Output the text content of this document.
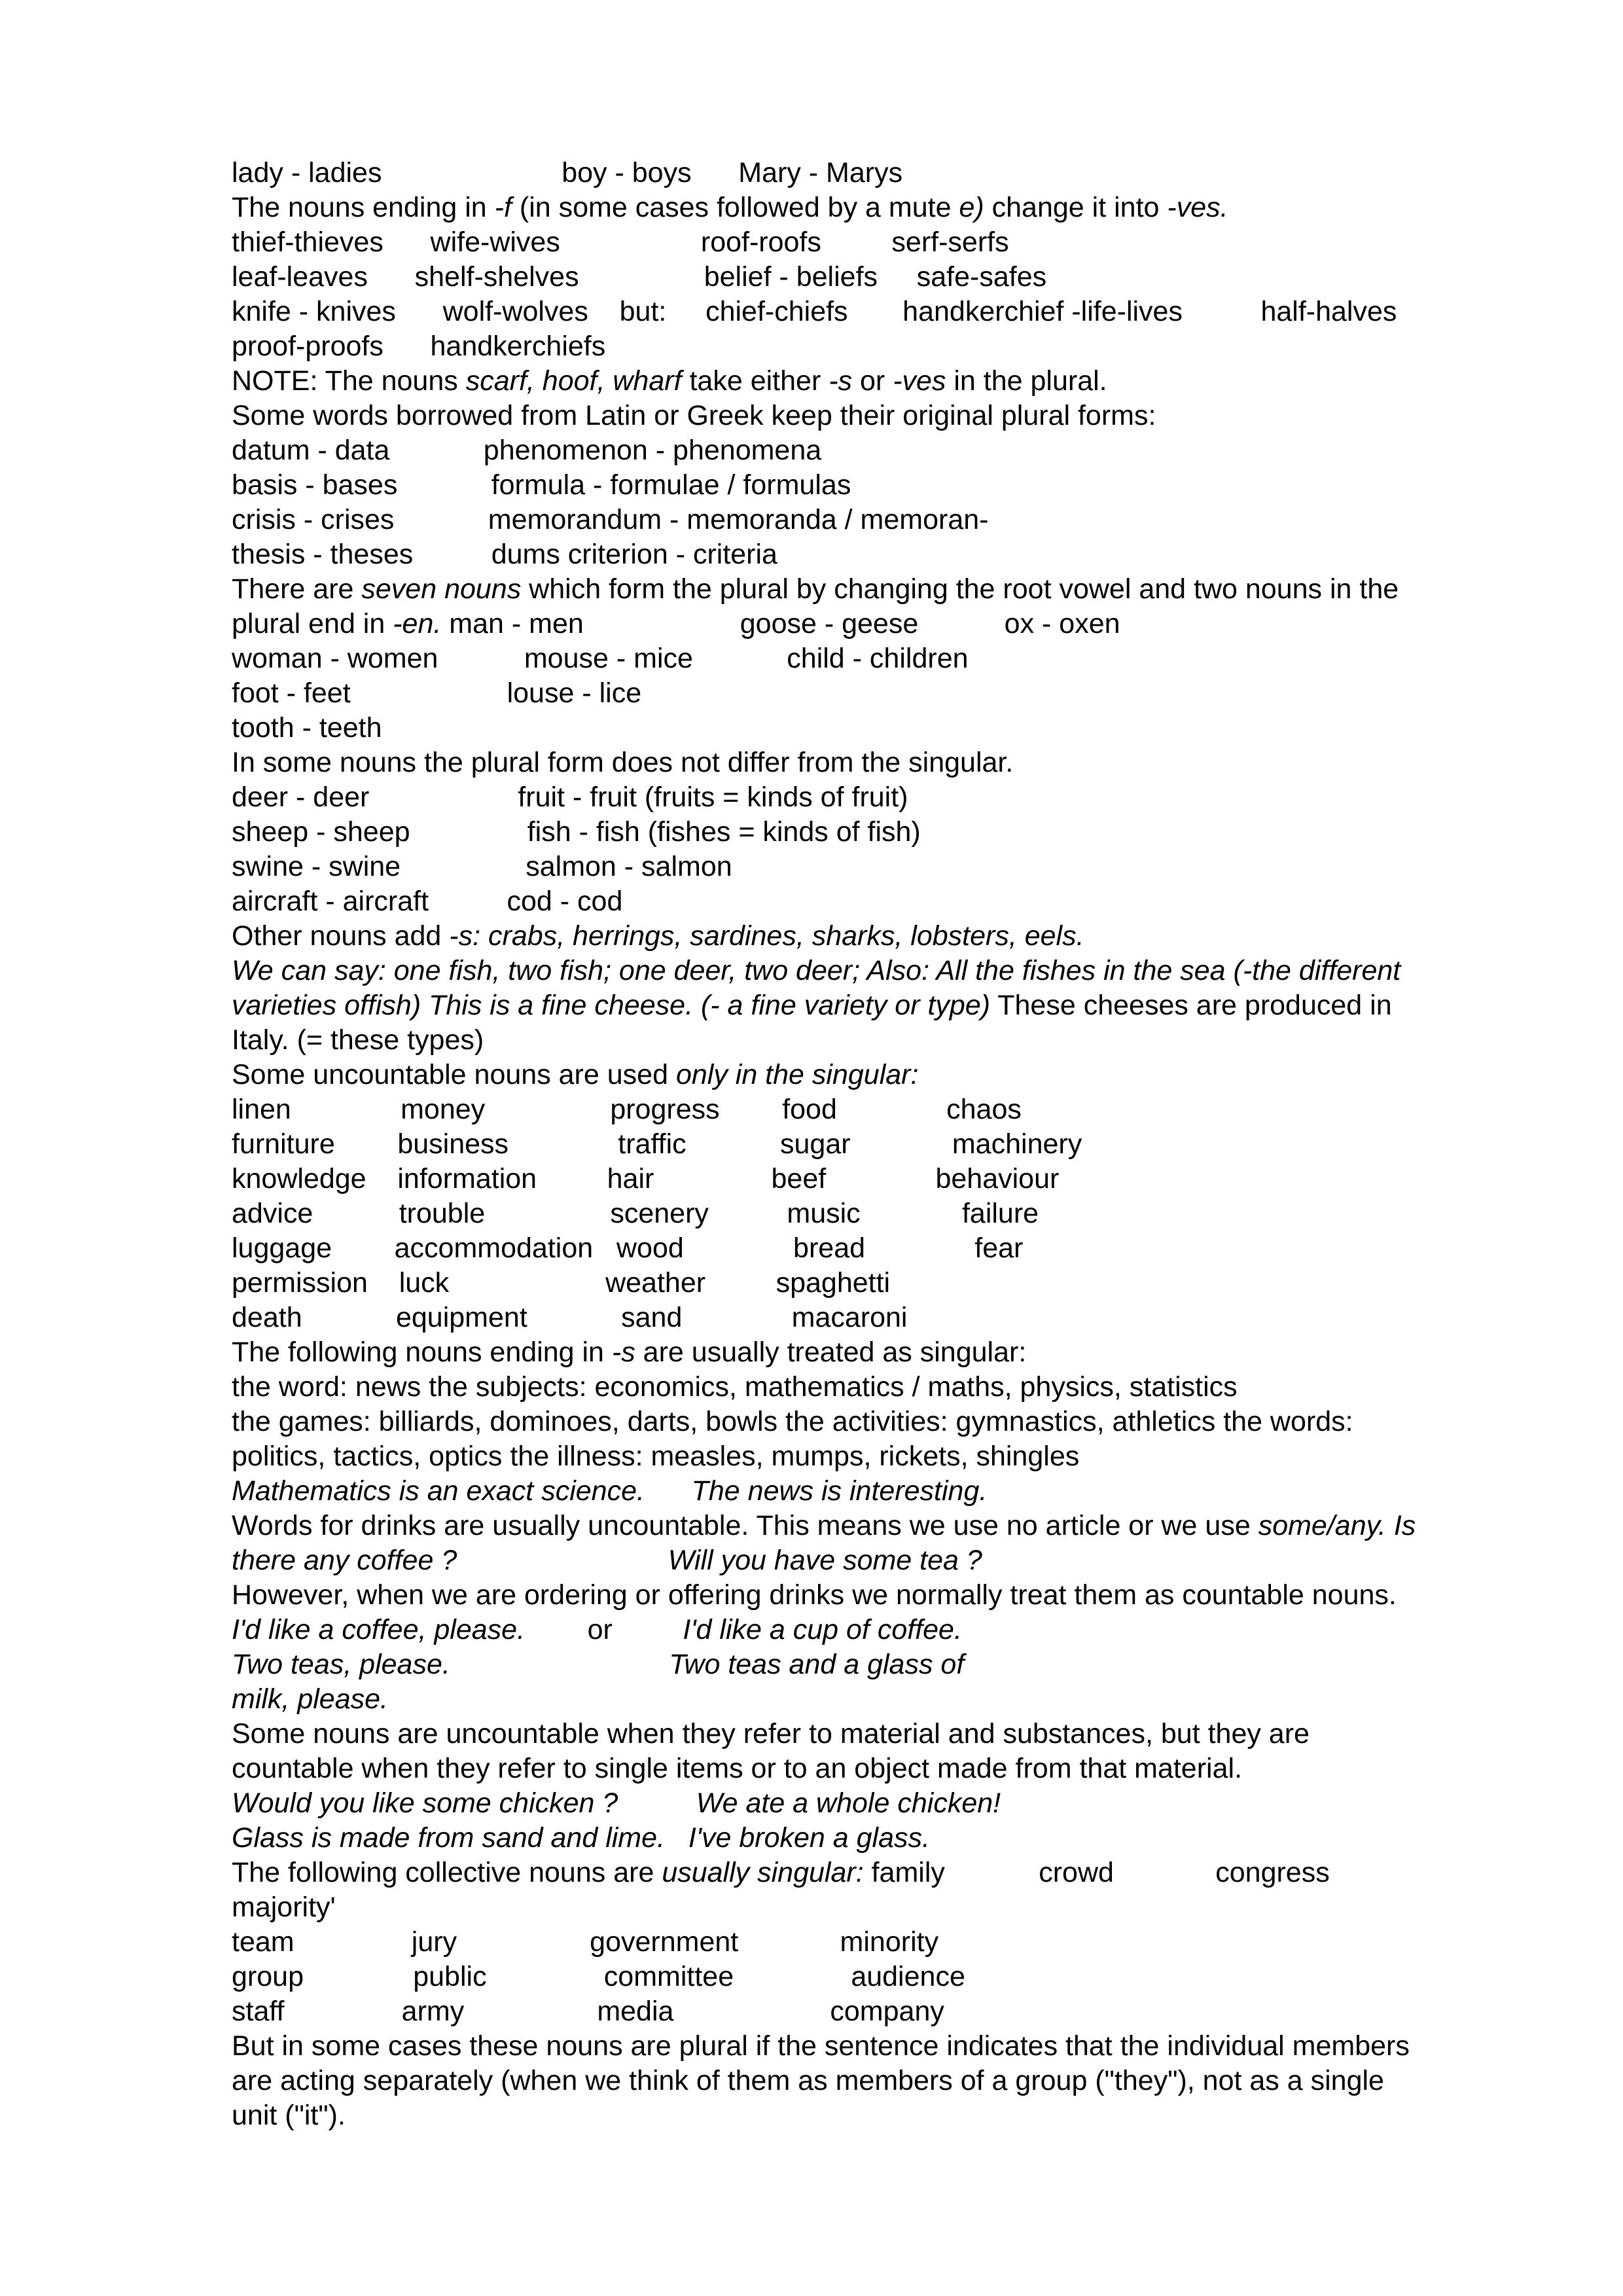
lady - ladies                       boy - boys      Mary - Marys

The nouns ending in -f (in some cases followed by a mute e) change it into -ves.

thief-thieves      wife-wives                  roof-roofs         serf-serfs

leaf-leaves      shelf-shelves                belief - beliefs     safe-safes

knife - knives      wolf-wolves    but:     chief-chiefs       handkerchief -life-lives          half-halves

proof-proofs      handkerchiefs

NOTE: The nouns scarf, hoof, wharf take either -s or -ves in the plural.

Some words borrowed from Latin or Greek keep their original plural forms:

datum - data            phenomenon - phenomena

basis - bases            formula - formulae / formulas

crisis - crises            memorandum - memoranda / memoran-

thesis - theses          dums criterion - criteria

There are seven nouns which form the plural by changing the root vowel and two nouns in the

plural end in -en. man - men                    goose - geese           ox - oxen

woman - women           mouse - mice            child - children

foot - feet                    louse - lice

tooth - teeth

In some nouns the plural form does not differ from the singular.

deer - deer                   fruit - fruit (fruits = kinds of fruit)

sheep - sheep               fish - fish (fishes = kinds of fish)

swine - swine                salmon - salmon

aircraft - aircraft          cod - cod

Other nouns add -s: crabs, herrings, sardines, sharks, lobsters, eels.

We can say: one fish, two fish; one deer, two deer; Also: All the fishes in the sea (-the different

varieties offish) This is a fine cheese. (- a fine variety or type) These cheeses are produced in

Italy. (= these types)

Some uncountable nouns are used only in the singular:

linen              money                progress        food              chaos

furniture        business              traffic            sugar             machinery

knowledge    information         hair               beef              behaviour

advice           trouble                scenery          music             failure

luggage        accommodation   wood              bread              fear

permission    luck                    weather         spaghetti

death            equipment            sand              macaroni

The following nouns ending in -s are usually treated as singular:

the word: news the subjects: economics, mathematics / maths, physics, statistics

the games: billiards, dominoes, darts, bowls the activities: gymnastics, athletics the words:

politics, tactics, optics the illness: measles, mumps, rickets, shingles

Mathematics is an exact science.      The news is interesting.

Words for drinks are usually uncountable. This means we use no article or we use some/any. Is

there any coffee ?                           Will you have some tea ?

However, when we are ordering or offering drinks we normally treat them as countable nouns.

I'd like a coffee, please.        or         I'd like a cup of coffee.

Two teas, please.                            Two teas and a glass of

milk, please.

Some nouns are uncountable when they refer to material and substances, but they are

countable when they refer to single items or to an object made from that material.

Would you like some chicken ?          We ate a whole chicken!

Glass is made from sand and lime.   I've broken a glass.

The following collective nouns are usually singular: family            crowd             congress

majority'

team               jury                 government             minority

group              public               committee               audience

staff               army                 media                    company

But in some cases these nouns are plural if the sentence indicates that the individual members

are acting separately (when we think of them as members of a group ("they"), not as a single

unit ("it").
